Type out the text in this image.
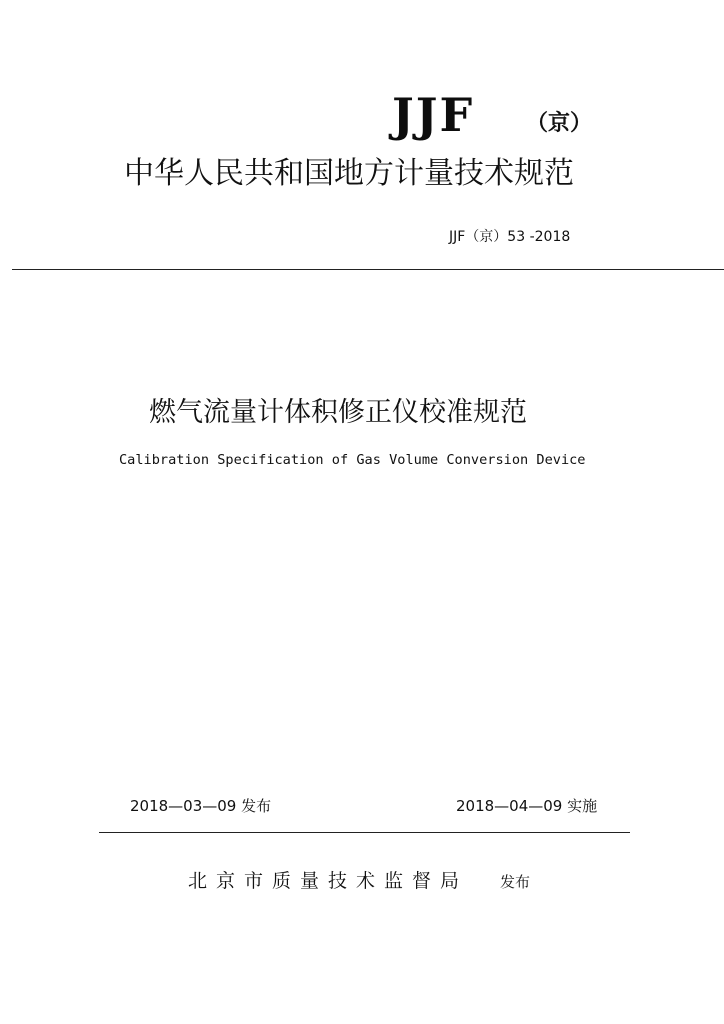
JJF （京）
中华人民共和国地方计量技术规范
JJF（京）53 -2018
燃气流量计体积修正仪校准规范
Calibration Specification of Gas Volume Conversion Device
2018—03—09 发布	2018—04—09 实施
北京市质量技术监督局 发布
